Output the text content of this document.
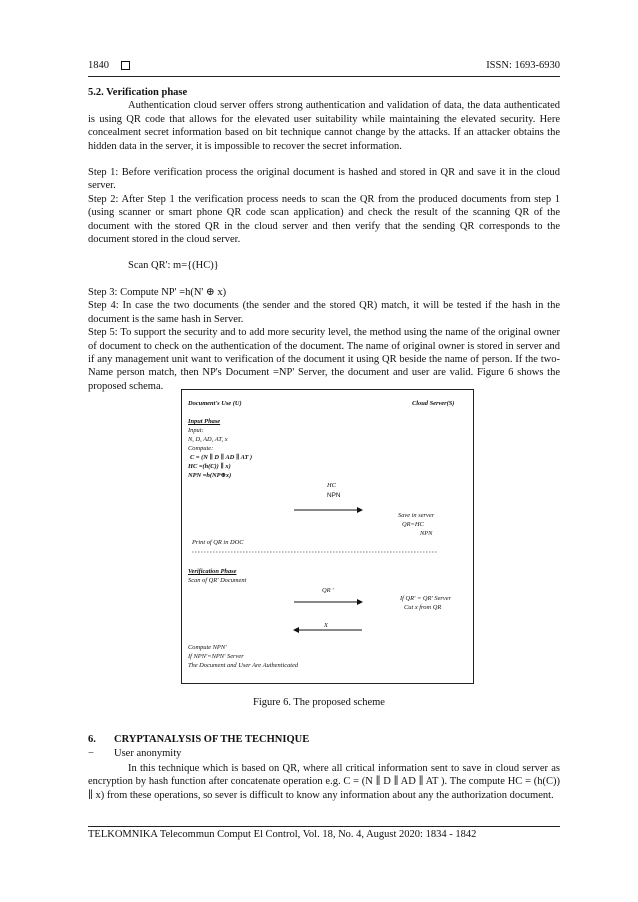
1840	ISSN: 1693-6930

5.2. Verification phase

Authentication cloud server offers strong authentication and validation of data, the data authenticated is using QR code that allows for the elevated user suitability while maintaining the elevated security. Here concealment secret information based on bit technique cannot change by the attacks. If an attacker obtains the hidden data in the server, it is impossible to recover the secret information.

Step 1: Before verification process the original document is hashed and stored in QR and save it in the cloud server.

Step 2: After Step 1 the verification process needs to scan the QR from the produced documents from step 1 (using scanner or smart phone QR code scan application) and check the result of the scanning QR of the document with the stored QR in the cloud server and then verify that the sending QR corresponds to the document stored in the cloud server.

Scan QR': m={(HC)}

Step 3: Compute NP' =h(N' ⊕ x)

Step 4: In case the two documents (the sender and the stored QR) match, it will be tested if the hash in the document is the same hash in Server.

Step 5: To support the security and to add more security level, the method using the name of the original owner of document to check on the authentication of the document. The name of original owner is stored in server and if any management unit want to verification of the document it using QR beside the name of person. If the two-Name person match, then NP's Document =NP' Server, the document and user are valid. Figure 6 shows the proposed schema.

Document's Use (U)	Cloud Server(S)
Input Phase
Input:
N, D, AD, AT, x
Compute:
C = (N ∥ D ∥ AD ∥ AT )
HC =(h(C)) ∥ x)
NPN =h(NP⊕x)
HC
NPN
Save in server
QR=HC
NPN
Print of QR in DOC
Verification Phase
Scan of QR' Document
QR '
If QR' = QR' Server
Cut x from QR
X
Compute NPN'
If NPN'=NPN' Server
The Document and User Are Authenticated
Figure 6. The proposed scheme
6. CRYPTANALYSIS OF THE TECHNIQUE
− User anonymity

In this technique which is based on QR, where all critical information sent to save in cloud server as encryption by hash function after concatenate operation e.g. C = (N ∥ D ∥ AD ∥ AT ). The compute HC = (h(C)) ∥ x) from these operations, so sever is difficult to know any information about any the authorization document.

TELKOMNIKA Telecommun Comput El Control, Vol. 18, No. 4, August 2020: 1834 - 1842
